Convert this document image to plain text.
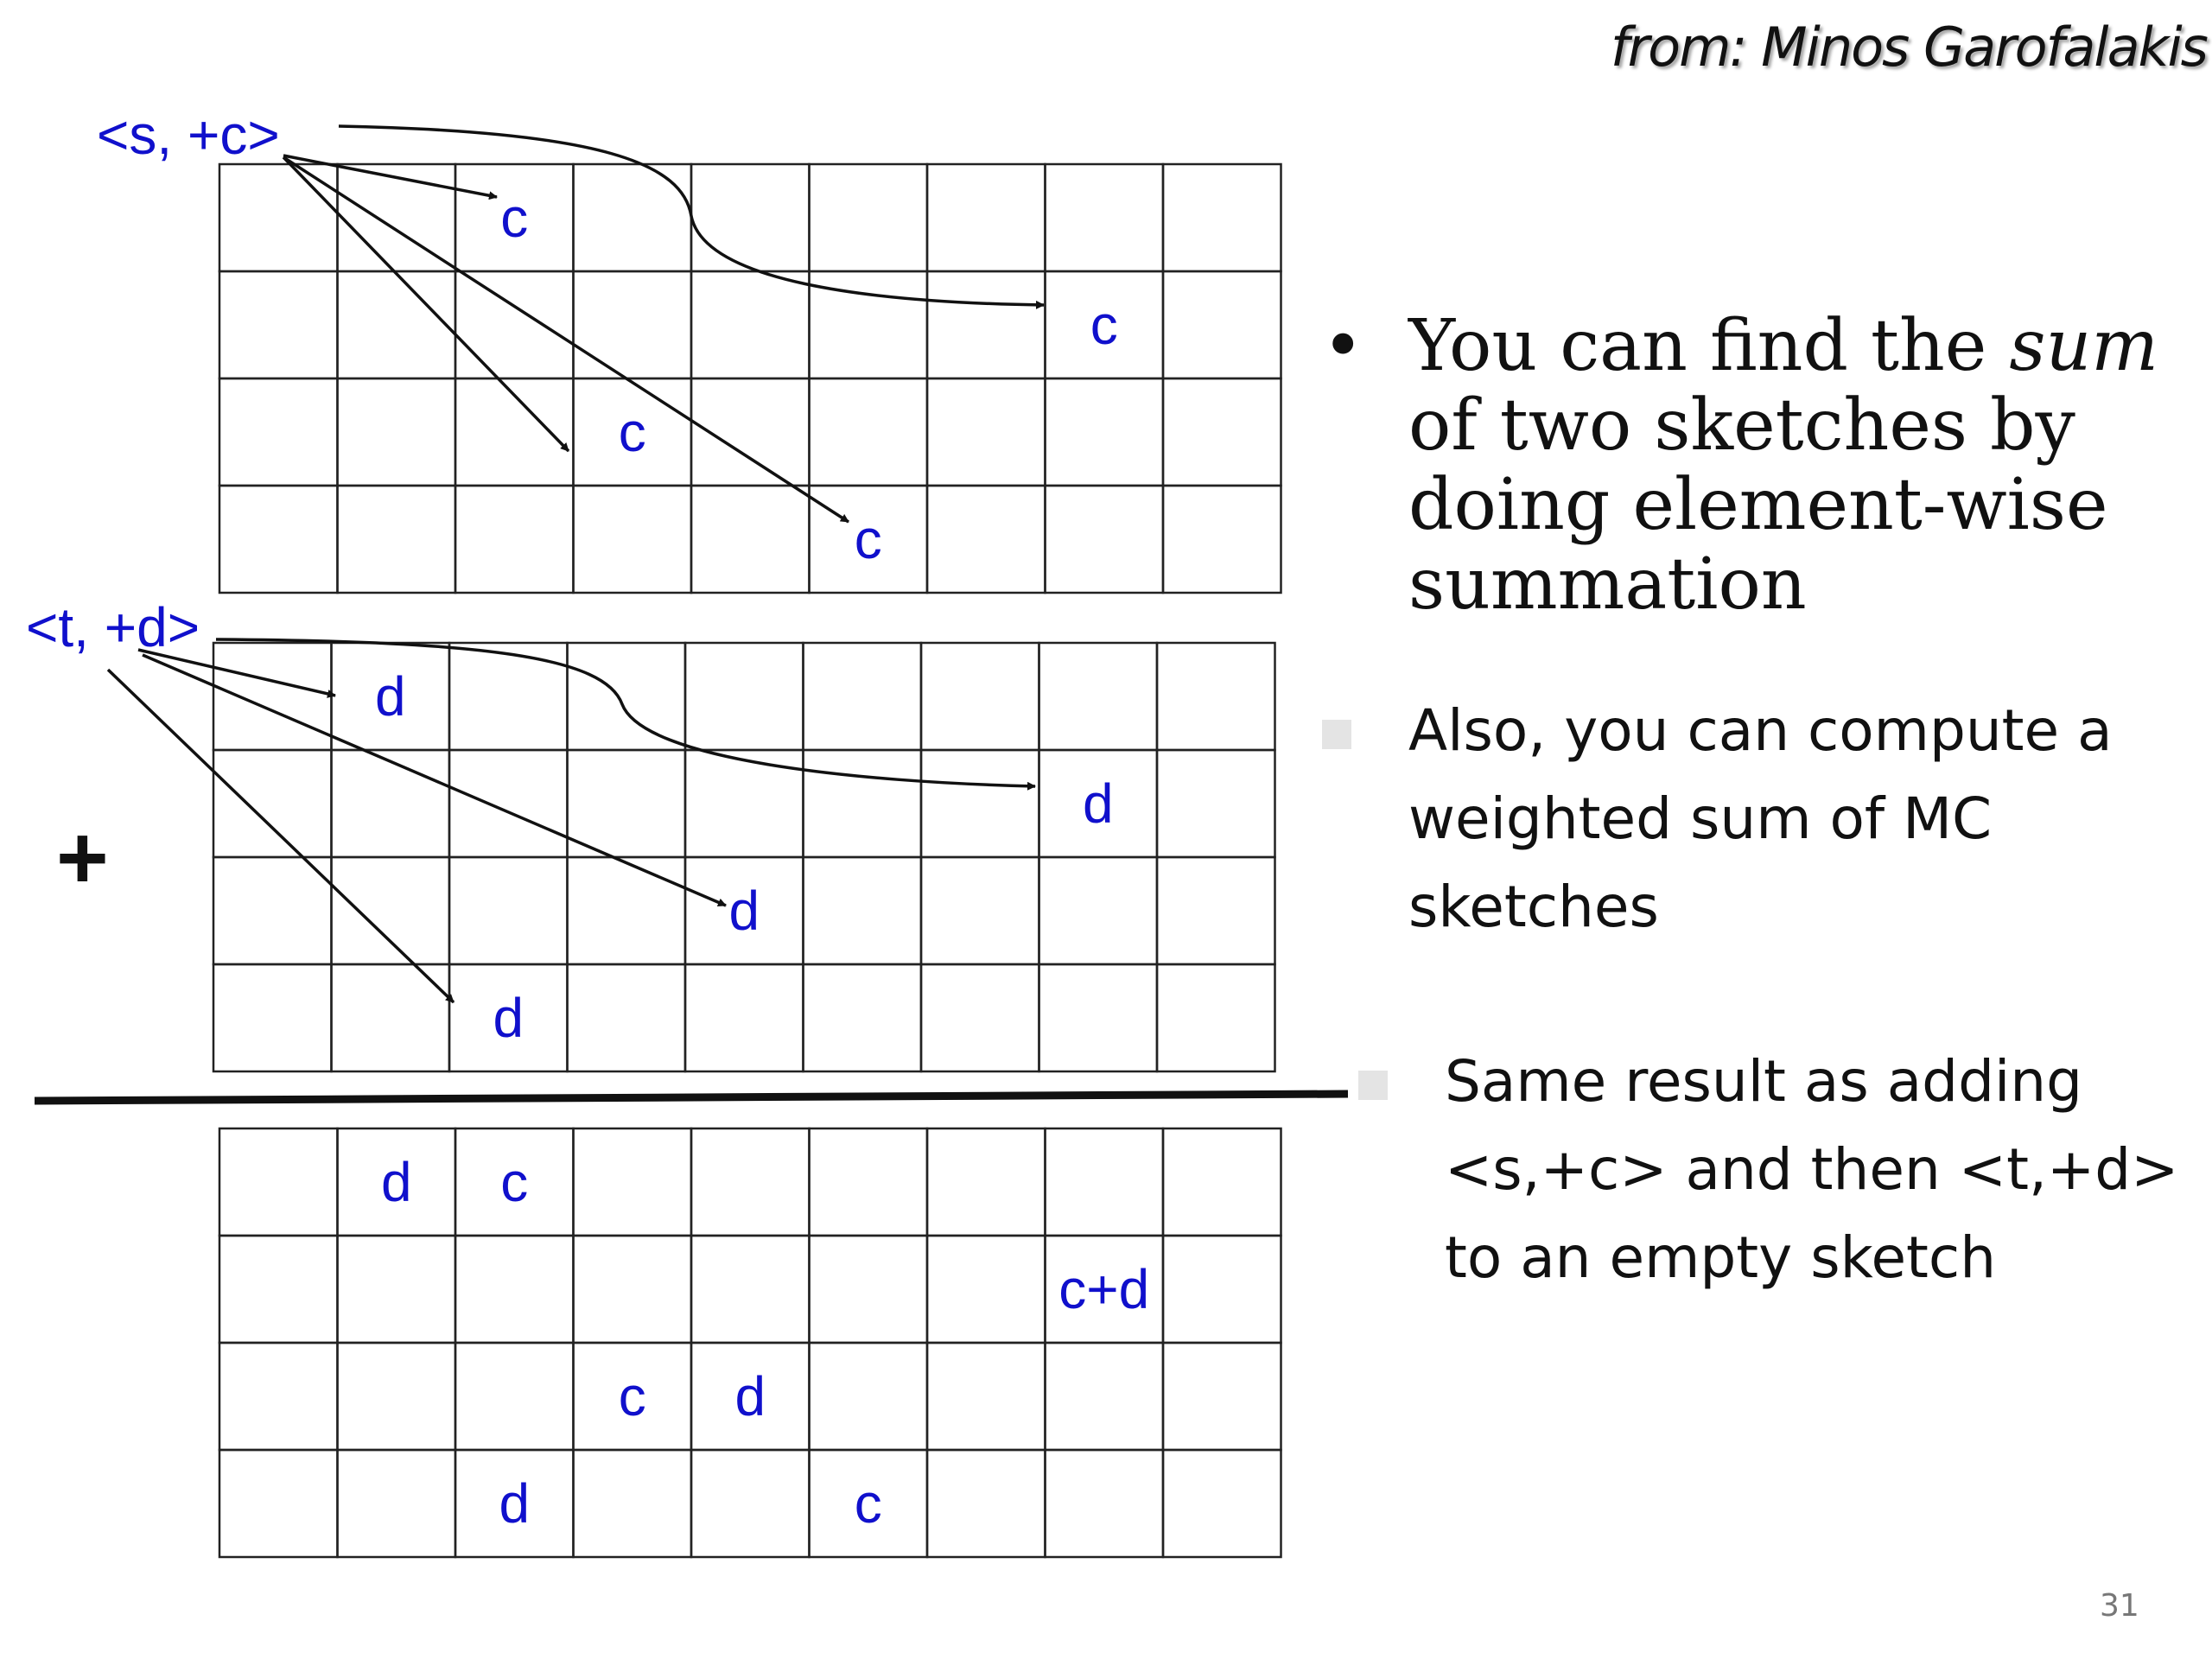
from: Minos Garofalakis
c
c
c
c
d
d
d
d
d c
c+d
c d
d	c
<s, +c>
<t, +d>
+
• You can find the sum of two sketches by doing element-wise summation
Also, you can compute a weighted sum of MC sketches
Same result as adding <s,+c> and then <t,+d> to an empty sketch
31
